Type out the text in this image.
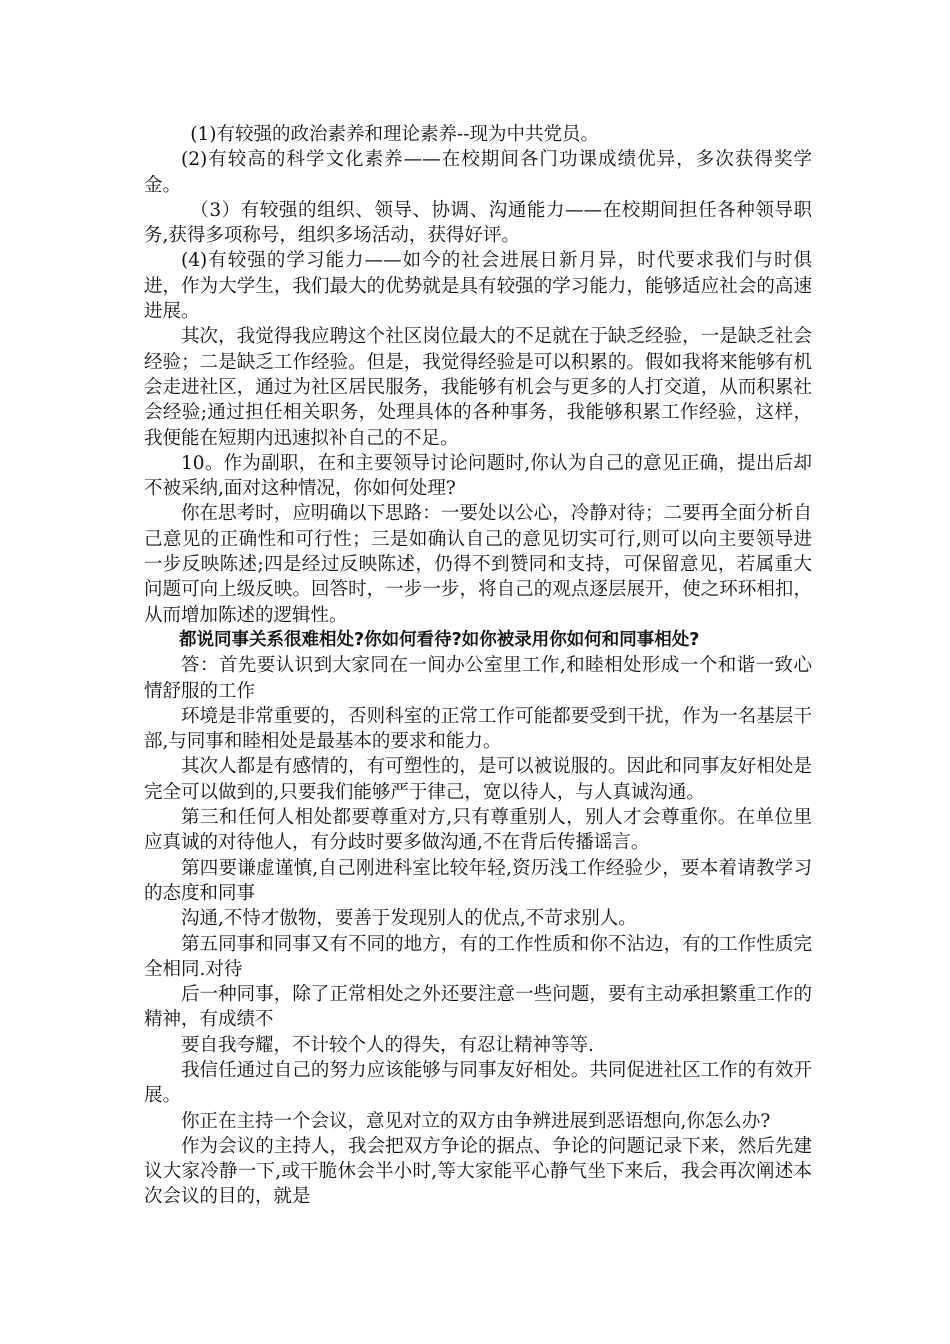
(1)有较强的政治素养和理论素养--现为中共党员。

(2)有较高的科学文化素养——在校期间各门功课成绩优异，多次获得奖学金。

（3）有较强的组织、领导、协调、沟通能力——在校期间担任各种领导职务,获得多项称号，组织多场活动，获得好评。

(4)有较强的学习能力——如今的社会进展日新月异，时代要求我们与时俱进，作为大学生，我们最大的优势就是具有较强的学习能力，能够适应社会的高速进展。

其次，我觉得我应聘这个社区岗位最大的不足就在于缺乏经验，一是缺乏社会经验；二是缺乏工作经验。但是，我觉得经验是可以积累的。假如我将来能够有机会走进社区，通过为社区居民服务，我能够有机会与更多的人打交道，从而积累社会经验;通过担任相关职务，处理具体的各种事务，我能够积累工作经验，这样，我便能在短期内迅速拟补自己的不足。

10。作为副职，在和主要领导讨论问题时,你认为自己的意见正确，提出后却不被采纳,面对这种情况，你如何处理?

你在思考时，应明确以下思路：一要处以公心，冷静对待；二要再全面分析自己意见的正确性和可行性；三是如确认自己的意见切实可行,则可以向主要领导进一步反映陈述;四是经过反映陈述，仍得不到赞同和支持，可保留意见，若属重大问题可向上级反映。回答时，一步一步，将自己的观点逐层展开，使之环环相扣，从而增加陈述的逻辑性。

都说同事关系很难相处?你如何看待?如你被录用你如何和同事相处?

答：首先要认识到大家同在一间办公室里工作,和睦相处形成一个和谐一致心情舒服的工作

环境是非常重要的，否则科室的正常工作可能都要受到干扰，作为一名基层干部,与同事和睦相处是最基本的要求和能力。

其次人都是有感情的，有可塑性的，是可以被说服的。因此和同事友好相处是完全可以做到的,只要我们能够严于律己，宽以待人，与人真诚沟通。

第三和任何人相处都要尊重对方,只有尊重别人，别人才会尊重你。在单位里应真诚的对待他人，有分歧时要多做沟通,不在背后传播谣言。

第四要谦虚谨慎,自己刚进科室比较年轻,资历浅工作经验少，要本着请教学习的态度和同事

沟通,不恃才傲物，要善于发现别人的优点,不苛求别人。

第五同事和同事又有不同的地方，有的工作性质和你不沾边，有的工作性质完全相同.对待

后一种同事，除了正常相处之外还要注意一些问题，要有主动承担繁重工作的精神，有成绩不

要自我夸耀，不计较个人的得失，有忍让精神等等.

我信任通过自己的努力应该能够与同事友好相处。共同促进社区工作的有效开展。

你正在主持一个会议，意见对立的双方由争辨进展到恶语想向,你怎么办?

作为会议的主持人，我会把双方争论的据点、争论的问题记录下来，然后先建议大家冷静一下,或干脆休会半小时,等大家能平心静气坐下来后，我会再次阐述本次会议的目的，就是
